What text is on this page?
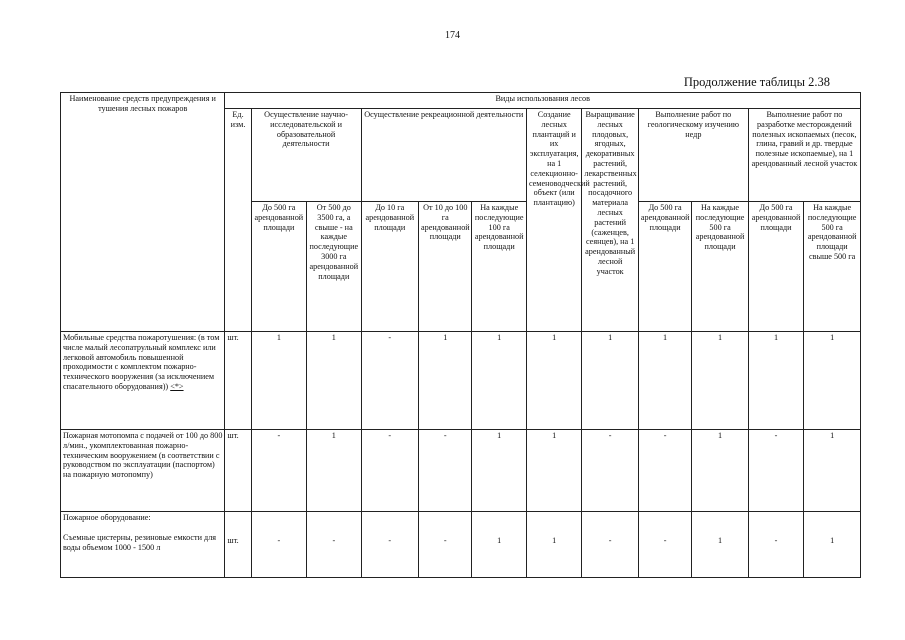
174
Продолжение таблицы 2.38
Наименование средств предупреждения и тушения лесных пожаров	Виды использования лесов											
	Ед. изм.	Осуществление научно-исследовательской и образовательной деятельности		Осуществление рекреационной деятельности			Создание лесных плантаций и их эксплуатация, на 1 селекционно-семеноводческий объект (или плантацию)	Выращивание лесных плодовых, ягодных, декоративных растений, лекарственных растений, посадочного материала лесных растений (саженцев, сеянцев), на 1 арендованный лесной участок	Выполнение работ по геологическому изучению недр		Выполнение работ по разработке месторождений полезных ископаемых (песок, глина, гравий и др. твердые полезные ископаемые), на 1 арендованный лесной участок	
		До 500 га арендованной площади	От 500 до 3500 га, а свыше - на каждые последующие 3000 га арендованной площади	До 10 га арендованной площади	От 10 до 100 га арендованной площади	На каждые последующие 100 га арендованной площади			До 500 га арендованной площади	На каждые последующие 500 га арендованной площади	До 500 га арендованной площади	На каждые последующие 500 га арендованной площади свыше 500 га
Мобильные средства пожаротушения: (в том числе малый лесопатрульный комплекс или легковой автомобиль повышенной проходимости с комплектом пожарно-технического вооружения (за исключением спасательного оборудования)) <*>	шт.	1	1	-	1	1	1	1	1	1	1	1
Пожарная мотопомпа с подачей от 100 до 800 л/мин., укомплектованная пожарно-техническим вооружением (в соответствии с руководством по эксплуатации (паспортом) на пожарную мотопомпу)	шт.	-	1	-	-	1	1	-	-	1	-	1
Пожарное оборудование:
Съемные цистерны, резиновые емкости для воды объемом 1000 - 1500 л	шт.	-	-	-	-	1	1	-	-	1	-	1
